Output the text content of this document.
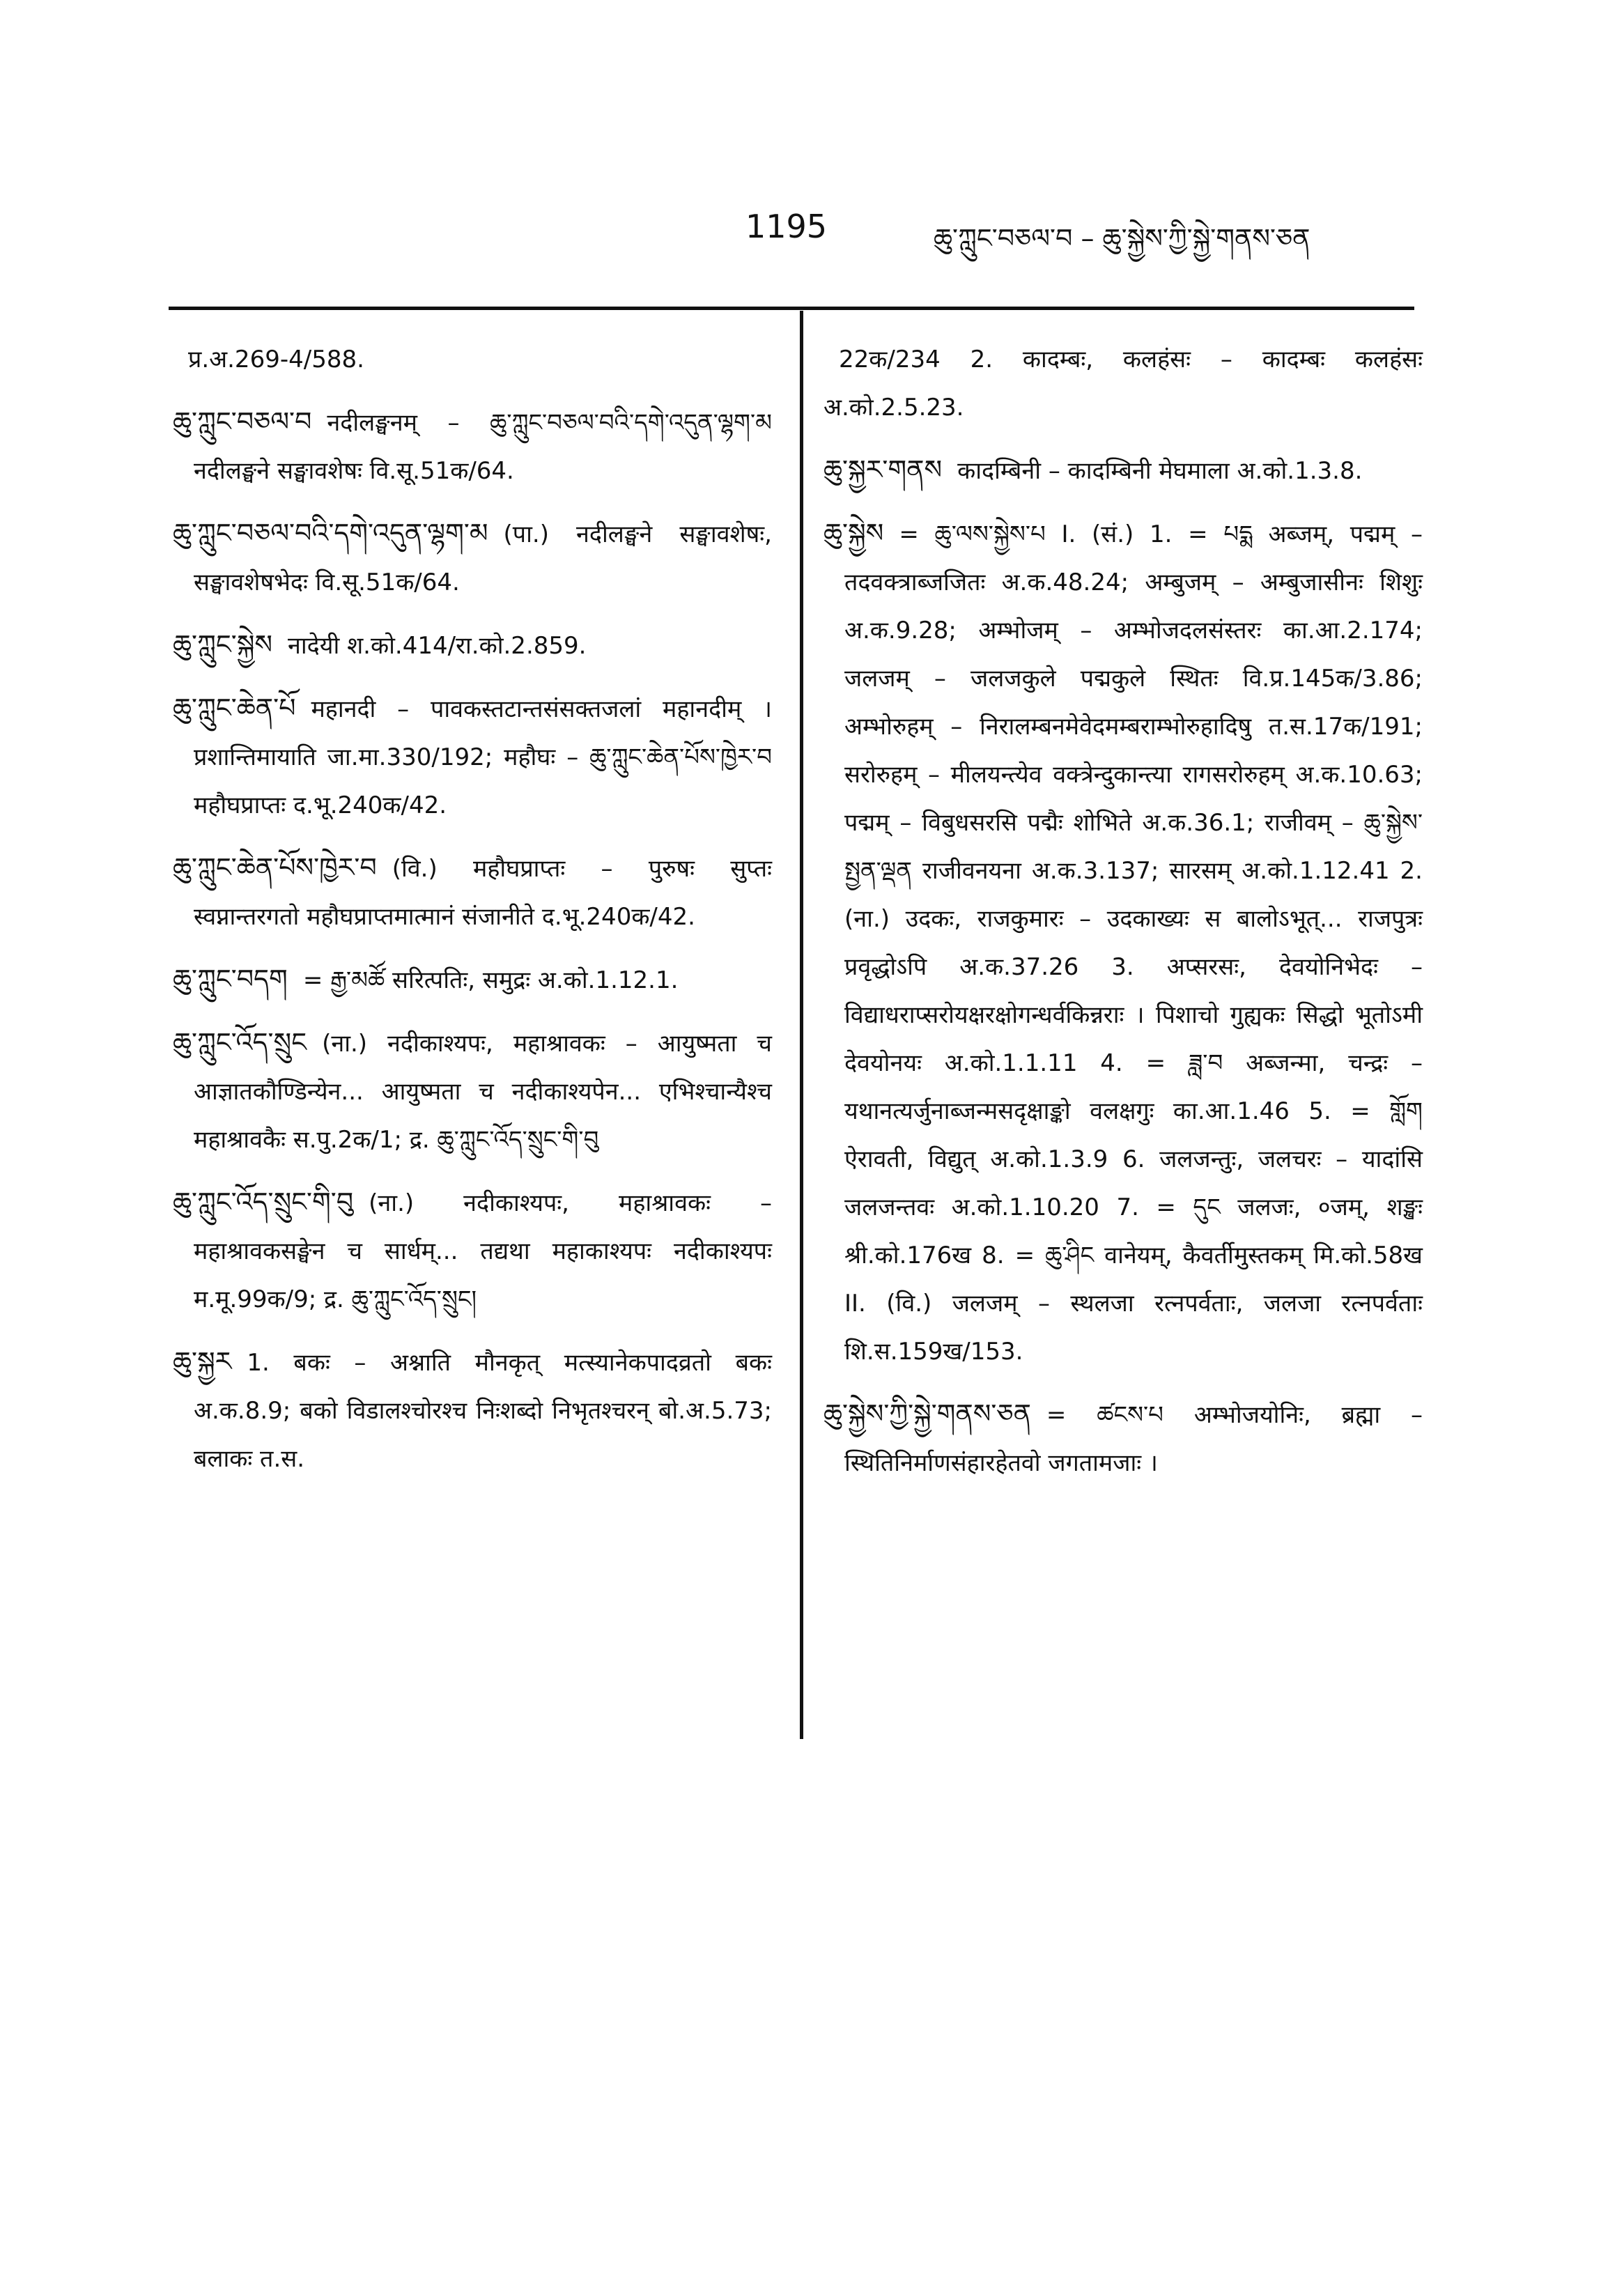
1195	ཆུ་ཀླུང་བཅལ་བ – ཆུ་སྐྱེས་ཀྱི་སྐྱེ་གནས་ཅན

प्र.अ.269-4/588.

ཆུ་ཀླུང་བཅལ་བ नदीलङ्घनम् – ཆུ་ཀླུང་བཅལ་བའི་དགེ་འདུན་ལྷག་མ नदीलङ्घने सङ्घावशेषः वि.सू.51क/64.

ཆུ་ཀླུང་བཅལ་བའི་དགེ་འདུན་ལྷག་མ (पा.) नदीलङ्घने सङ्घावशेषः, सङ्घावशेषभेदः वि.सू.51क/64.

ཆུ་ཀླུང་སྐྱེས नादेयी श.को.414/रा.को.2.859.

ཆུ་ཀླུང་ཆེན་པོ महानदी – पावकस्तटान्तसंसक्तजलां महानदीम् । प्रशान्तिमायाति जा.मा.330/192; महौघः – ཆུ་ཀླུང་ཆེན་པོས་ཁྱེར་བ महौघप्राप्तः द.भू.240क/42.

ཆུ་ཀླུང་ཆེན་པོས་ཁྱེར་བ (वि.) महौघप्राप्तः – पुरुषः सुप्तः स्वप्नान्तरगतो महौघप्राप्तमात्मानं संजानीते द.भू.240क/42.

ཆུ་ཀླུང་བདག = རྒྱ་མཚོ सरित्पतिः, समुद्रः अ.को.1.12.1.

ཆུ་ཀླུང་འོད་སྲུང (ना.) नदीकाश्यपः, महाश्रावकः – आयुष्मता च आज्ञातकौण्डिन्येन... आयुष्मता च नदीकाश्यपेन... एभिश्चान्यैश्च महाश्रावकैः स.पु.2क/1; द्र. ཆུ་ཀླུང་འོད་སྲུང་གི་བུ

ཆུ་ཀླུང་འོད་སྲུང་གི་བུ (ना.) नदीकाश्यपः, महाश्रावकः – महाश्रावकसङ्घेन च सार्धम्... तद्यथा महाकाश्यपः नदीकाश्यपः म.मू.99क/9; द्र. ཆུ་ཀླུང་འོད་སྲུང།

ཆུ་སྐྱར 1. बकः – अश्नाति मौनकृत् मत्स्यानेकपादव्रतो बकः अ.क.8.9; बको विडालश्चोरश्च निःशब्दो निभृतश्चरन् बो.अ.5.73; बलाकः त.स.

22क/234 2. कादम्बः, कलहंसः – कादम्बः कलहंसः अ.को.2.5.23.

ཆུ་སྐྱར་གནས कादम्बिनी – कादम्बिनी मेघमाला अ.को.1.3.8.

ཆུ་སྐྱེས = ཆུ་ལས་སྐྱེས་པ I. (सं.) 1. = པདྨ अब्जम्, पद्मम् – तदवक्त्राब्जजितः अ.क.48.24; अम्बुजम् – अम्बुजासीनः शिशुः अ.क.9.28; अम्भोजम् – अम्भोजदलसंस्तरः का.आ.2.174; जलजम् – जलजकुले पद्मकुले स्थितः वि.प्र.145क/3.86; अम्भोरुहम् – निरालम्बनमेवेदमम्बराम्भोरुहादिषु त.स.17क/191; सरोरुहम् – मीलयन्त्येव वक्त्रेन्दुकान्त्या रागसरोरुहम् अ.क.10.63; पद्मम् – विबुधसरसि पद्मैः शोभिते अ.क.36.1; राजीवम् – ཆུ་སྐྱེས་སྤྱན་ལྡན राजीवनयना अ.क.3.137; सारसम् अ.को.1.12.41 2. (ना.) उदकः, राजकुमारः – उदकाख्यः स बालोऽभूत्... राजपुत्रः प्रवृद्धोऽपि अ.क.37.26 3. अप्सरसः, देवयोनिभेदः – विद्याधराप्सरोयक्षरक्षोगन्धर्वकिन्नराः । पिशाचो गुह्यकः सिद्धो भूतोऽमी देवयोनयः अ.को.1.1.11 4. = ཟླ་བ अब्जन्मा, चन्द्रः – यथानत्यर्जुनाब्जन्मसदृक्षाङ्को वलक्षगुः का.आ.1.46 5. = གློག ऐरावती, विद्युत् अ.को.1.3.9 6. जलजन्तुः, जलचरः – यादांसि जलजन्तवः अ.को.1.10.20 7. = དུང जलजः, ०जम्, शङ्खः श्री.को.176ख 8. = ཆུ་ཤིང वानेयम्, कैवर्तीमुस्तकम् मि.को.58ख II. (वि.) जलजम् – स्थलजा रत्नपर्वताः, जलजा रत्नपर्वताः शि.स.159ख/153.

ཆུ་སྐྱེས་ཀྱི་སྐྱེ་གནས་ཅན = ཚངས་པ अम्भोजयोनिः, ब्रह्मा – स्थितिनिर्माणसंहारहेतवो जगतामजाः ।
